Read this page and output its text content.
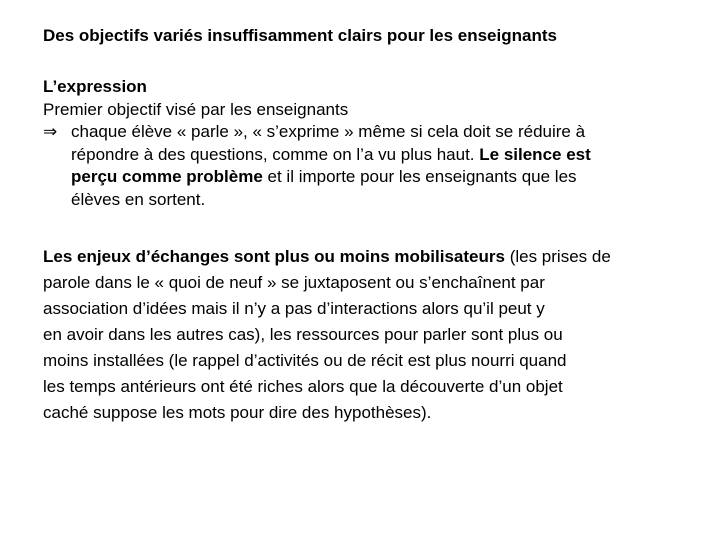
Des objectifs variés insuffisamment clairs pour les enseignants
L’expression
Premier objectif visé par les enseignants
⇒ chaque élève « parle », « s’exprime » même si cela doit se réduire à
répondre à des questions, comme on l’a vu plus haut. Le silence est
perçu comme problème et il importe pour les enseignants que les
élèves en sortent.
Les enjeux d’échanges sont plus ou moins mobilisateurs (les prises de
parole dans le « quoi de neuf » se juxtaposent ou s’enchaînent par
association d’idées mais il n’y a pas d’interactions alors qu’il peut y
en avoir dans les autres cas), les ressources pour parler sont plus ou
moins installées (le rappel d’activités ou de récit est plus nourri quand
les temps antérieurs ont été riches alors que la découverte d’un objet
caché suppose les mots pour dire des hypothèses).
